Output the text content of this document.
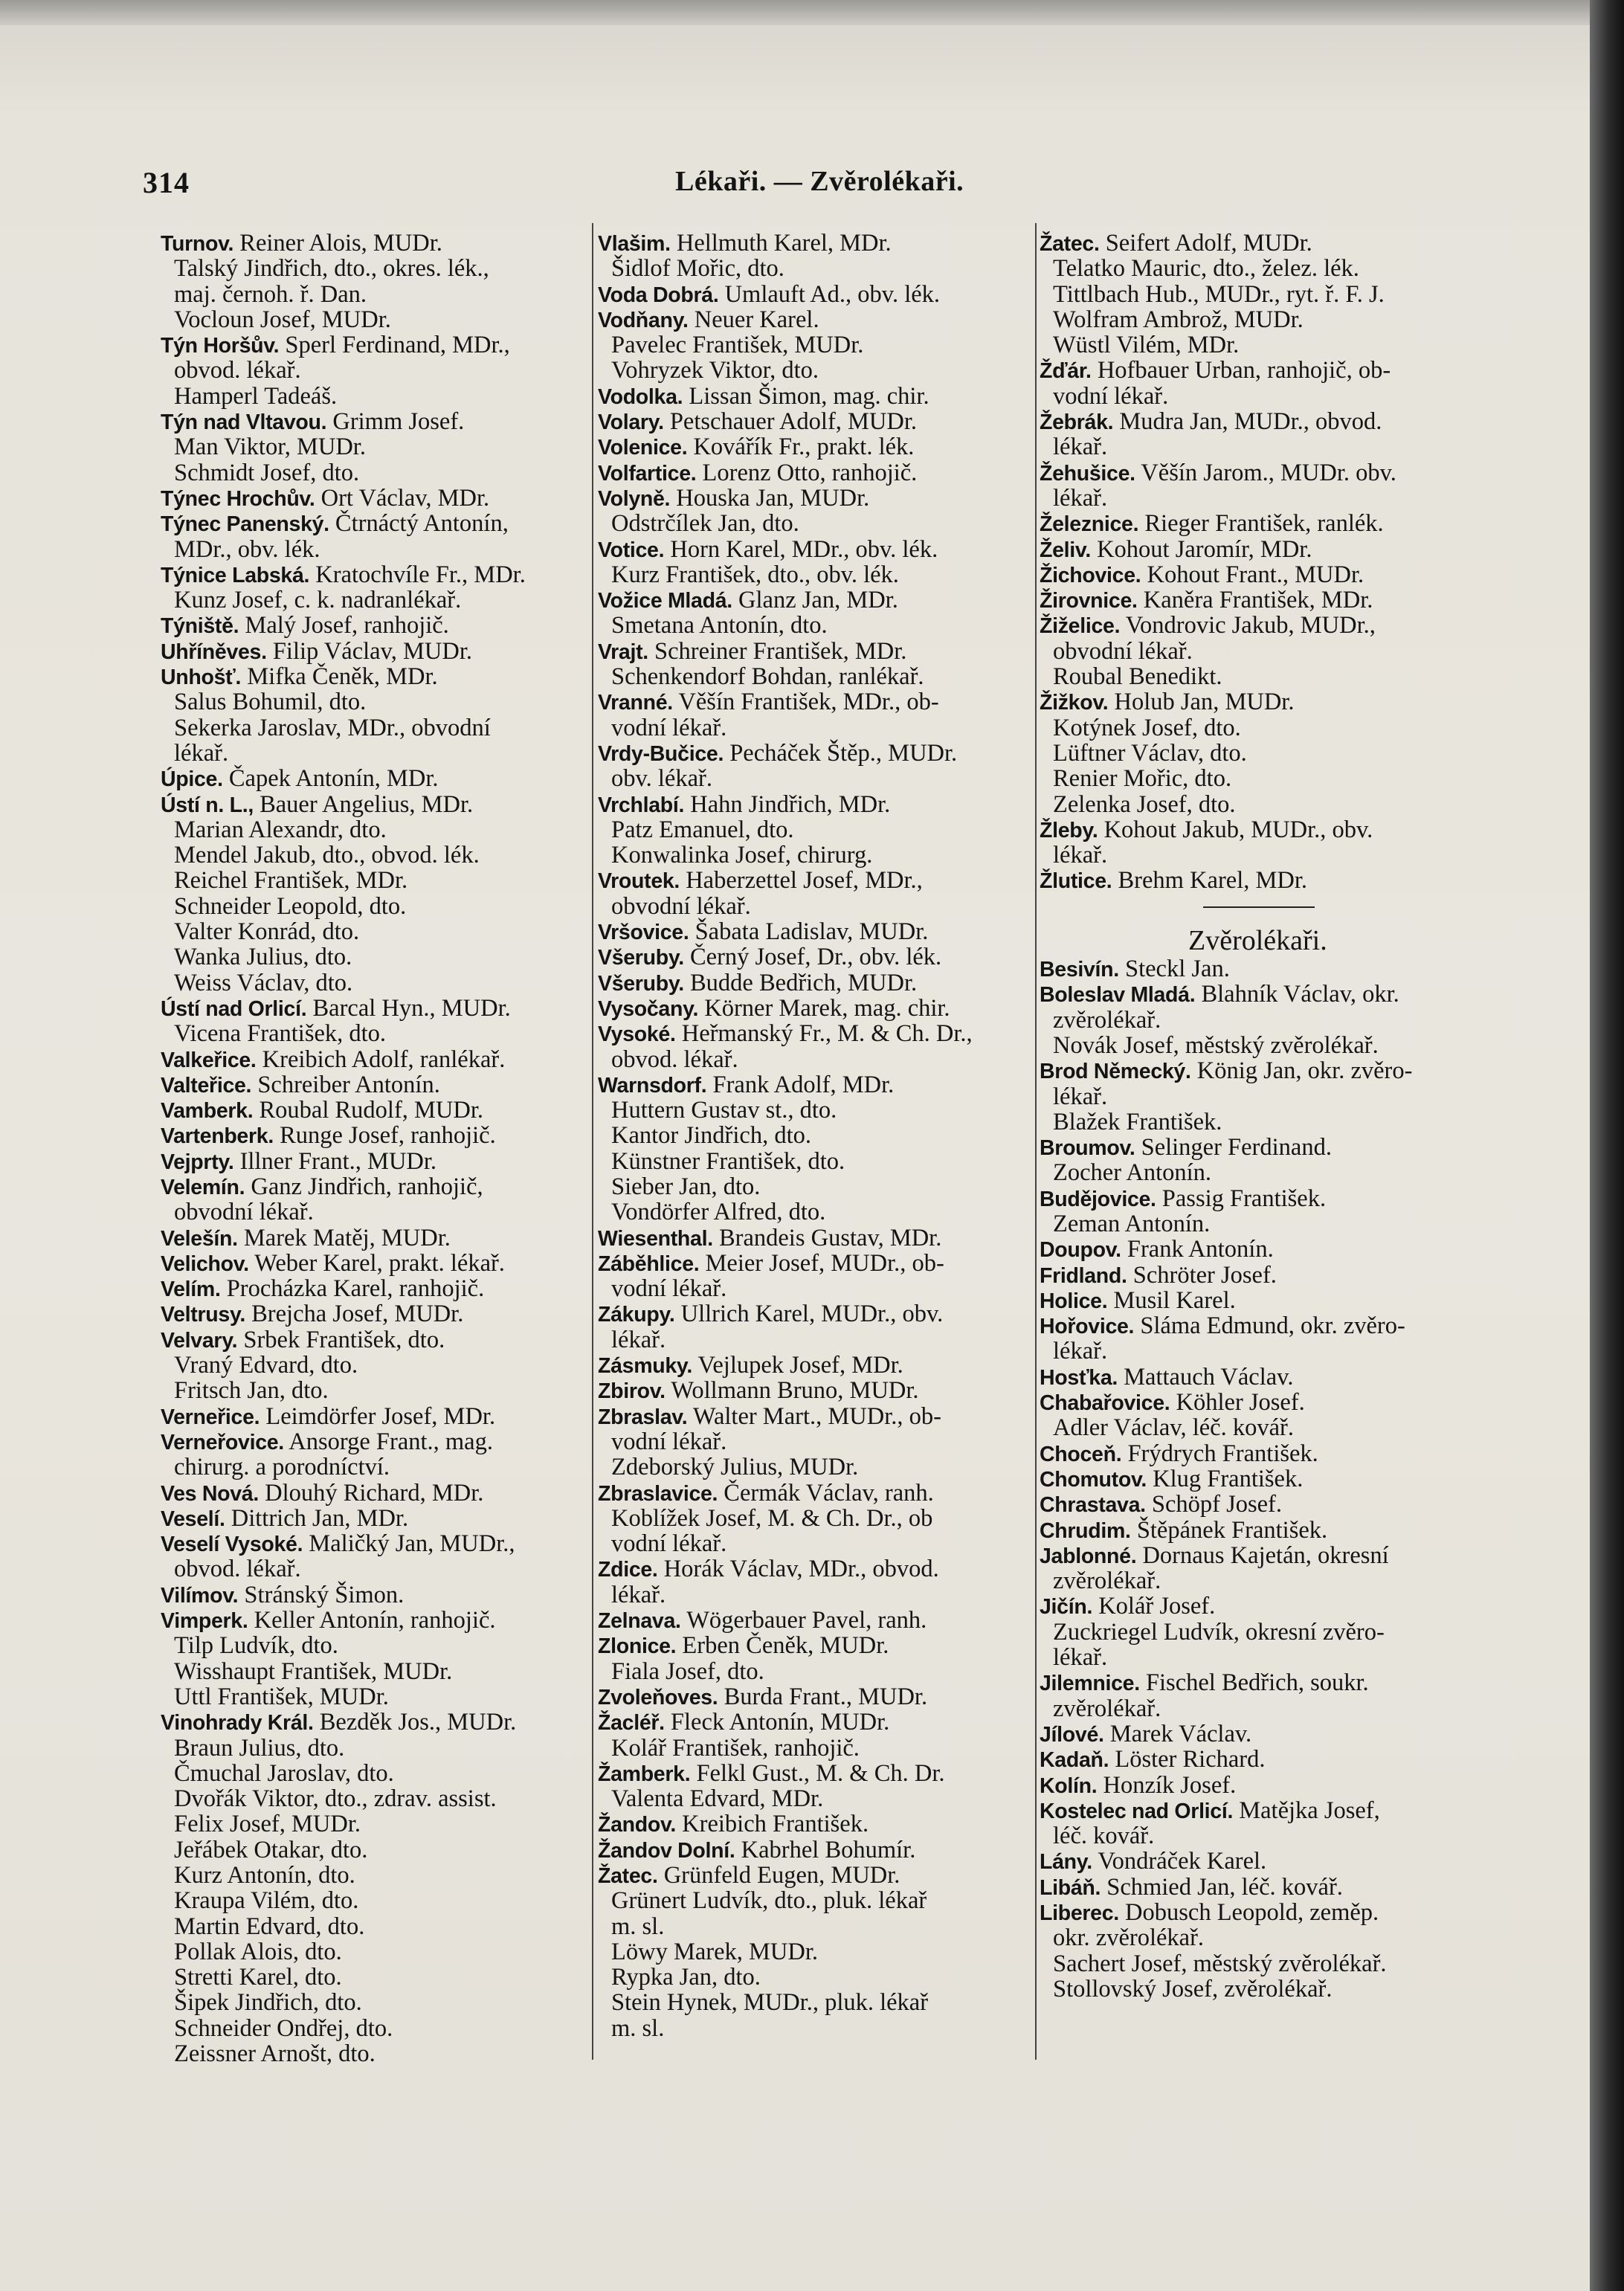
314	Lékaři. — Zvěrolékaři.
Turnov. Reiner Alois, MUDr.
Talský Jindřich, dto., okres. lék.,
maj. černoh. ř. Dan.
Vocloun Josef, MUDr.
Týn Horšův. Sperl Ferdinand, MDr.,
obvod. lékař.
Hamperl Tadeáš.
Týn nad Vltavou. Grimm Josef.
Man Viktor, MUDr.
Schmidt Josef, dto.
Týnec Hrochův. Ort Václav, MDr.
Týnec Panenský. Čtrnáctý Antonín,
MDr., obv. lék.
Týnice Labská. Kratochvíle Fr., MDr.
Kunz Josef, c. k. nadranlékař.
Týniště. Malý Josef, ranhojič.
Uhříněves. Filip Václav, MUDr.
Unhošť. Mifka Čeněk, MDr.
Salus Bohumil, dto.
Sekerka Jaroslav, MDr., obvodní
lékař.
Úpice. Čapek Antonín, MDr.
Ústí n. L., Bauer Angelius, MDr.
Marian Alexandr, dto.
Mendel Jakub, dto., obvod. lék.
Reichel František, MDr.
Schneider Leopold, dto.
Valter Konrád, dto.
Wanka Julius, dto.
Weiss Václav, dto.
Ústí nad Orlicí. Barcal Hyn., MUDr.
Vicena František, dto.
Valkeřice. Kreibich Adolf, ranlékař.
Valteřice. Schreiber Antonín.
Vamberk. Roubal Rudolf, MUDr.
Vartenberk. Runge Josef, ranhojič.
Vejprty. Illner Frant., MUDr.
Velemín. Ganz Jindřich, ranhojič,
obvodní lékař.
Velešín. Marek Matěj, MUDr.
Velichov. Weber Karel, prakt. lékař.
Velím. Procházka Karel, ranhojič.
Veltrusy. Brejcha Josef, MUDr.
Velvary. Srbek František, dto.
Vraný Edvard, dto.
Fritsch Jan, dto.
Verneřice. Leimdörfer Josef, MDr.
Verneřovice. Ansorge Frant., mag.
chirurg. a porodníctví.
Ves Nová. Dlouhý Richard, MDr.
Veselí. Dittrich Jan, MDr.
Veselí Vysoké. Maličký Jan, MUDr.,
obvod. lékař.
Vilímov. Stránský Šimon.
Vimperk. Keller Antonín, ranhojič.
Tilp Ludvík, dto.
Wisshaupt František, MUDr.
Uttl František, MUDr.
Vinohrady Král. Bezděk Jos., MUDr.
Braun Julius, dto.
Čmuchal Jaroslav, dto.
Dvořák Viktor, dto., zdrav. assist.
Felix Josef, MUDr.
Jeřábek Otakar, dto.
Kurz Antonín, dto.
Kraupa Vilém, dto.
Martin Edvard, dto.
Pollak Alois, dto.
Stretti Karel, dto.
Šipek Jindřich, dto.
Schneider Ondřej, dto.
Zeissner Arnošt, dto.
Vlašim. Hellmuth Karel, MDr.
Šidlof Mořic, dto.
Voda Dobrá. Umlauft Ad., obv. lék.
Vodňany. Neuer Karel.
Pavelec František, MUDr.
Vohryzek Viktor, dto.
Vodolka. Lissan Šimon, mag. chir.
Volary. Petschauer Adolf, MUDr.
Volenice. Kovářík Fr., prakt. lék.
Volfartice. Lorenz Otto, ranhojič.
Volyně. Houska Jan, MUDr.
Odstrčílek Jan, dto.
Votice. Horn Karel, MDr., obv. lék.
Kurz František, dto., obv. lék.
Vožice Mladá. Glanz Jan, MDr.
Smetana Antonín, dto.
Vrajt. Schreiner František, MDr.
Schenkendorf Bohdan, ranlékař.
Vranné. Věšín František, MDr., ob-
vodní lékař.
Vrdy-Bučice. Pecháček Štěp., MUDr.
obv. lékař.
Vrchlabí. Hahn Jindřich, MDr.
Patz Emanuel, dto.
Konwalinka Josef, chirurg.
Vroutek. Haberzettel Josef, MDr.,
obvodní lékař.
Vršovice. Šabata Ladislav, MUDr.
Všeruby. Černý Josef, Dr., obv. lék.
Všeruby. Budde Bedřich, MUDr.
Vysočany. Körner Marek, mag. chir.
Vysoké. Heřmanský Fr., M. & Ch. Dr.,
obvod. lékař.
Warnsdorf. Frank Adolf, MDr.
Huttern Gustav st., dto.
Kantor Jindřich, dto.
Künstner František, dto.
Sieber Jan, dto.
Vondörfer Alfred, dto.
Wiesenthal. Brandeis Gustav, MDr.
Záběhlice. Meier Josef, MUDr., ob-
vodní lékař.
Zákupy. Ullrich Karel, MUDr., obv.
lékař.
Zásmuky. Vejlupek Josef, MDr.
Zbirov. Wollmann Bruno, MUDr.
Zbraslav. Walter Mart., MUDr., ob-
vodní lékař.
Zdeborský Julius, MUDr.
Zbraslavice. Čermák Václav, ranh.
Koblížek Josef, M. & Ch. Dr., ob
vodní lékař.
Zdice. Horák Václav, MDr., obvod.
lékař.
Zelnava. Wögerbauer Pavel, ranh.
Zlonice. Erben Čeněk, MUDr.
Fiala Josef, dto.
Zvoleňoves. Burda Frant., MUDr.
Žacléř. Fleck Antonín, MUDr.
Kolář František, ranhojič.
Žamberk. Felkl Gust., M. & Ch. Dr.
Valenta Edvard, MDr.
Žandov. Kreibich František.
Žandov Dolní. Kabrhel Bohumír.
Žatec. Grünfeld Eugen, MUDr.
Grünert Ludvík, dto., pluk. lékař
m. sl.
Löwy Marek, MUDr.
Rypka Jan, dto.
Stein Hynek, MUDr., pluk. lékař
m. sl.
Žatec. Seifert Adolf, MUDr.
Telatko Mauric, dto., želez. lék.
Tittlbach Hub., MUDr., ryt. ř. F. J.
Wolfram Ambrož, MUDr.
Wüstl Vilém, MDr.
Žďár. Hofbauer Urban, ranhojič, ob-
vodní lékař.
Žebrák. Mudra Jan, MUDr., obvod.
lékař.
Žehušice. Věšín Jarom., MUDr. obv.
lékař.
Železnice. Rieger František, ranlék.
Želiv. Kohout Jaromír, MDr.
Žichovice. Kohout Frant., MUDr.
Žirovnice. Kaněra František, MDr.
Žiželice. Vondrovic Jakub, MUDr.,
obvodní lékař.
Roubal Benedikt.
Žižkov. Holub Jan, MUDr.
Kotýnek Josef, dto.
Lüftner Václav, dto.
Renier Mořic, dto.
Zelenka Josef, dto.
Žleby. Kohout Jakub, MUDr., obv.
lékař.
Žlutice. Brehm Karel, MDr.
Zvěrolékaři.
Besivín. Steckl Jan.
Boleslav Mladá. Blahník Václav, okr.
zvěrolékař.
Novák Josef, městský zvěrolékař.
Brod Německý. König Jan, okr. zvěro-
lékař.
Blažek František.
Broumov. Selinger Ferdinand.
Zocher Antonín.
Budějovice. Passig František.
Zeman Antonín.
Doupov. Frank Antonín.
Fridland. Schröter Josef.
Holice. Musil Karel.
Hořovice. Sláma Edmund, okr. zvěro-
lékař.
Hosťka. Mattauch Václav.
Chabařovice. Köhler Josef.
Adler Václav, léč. kovář.
Choceň. Frýdrych František.
Chomutov. Klug František.
Chrastava. Schöpf Josef.
Chrudim. Štěpánek František.
Jablonné. Dornaus Kajetán, okresní
zvěrolékař.
Jičín. Kolář Josef.
Zuckriegel Ludvík, okresní zvěro-
lékař.
Jilemnice. Fischel Bedřich, soukr.
zvěrolékař.
Jílové. Marek Václav.
Kadaň. Löster Richard.
Kolín. Honzík Josef.
Kostelec nad Orlicí. Matějka Josef,
léč. kovář.
Lány. Vondráček Karel.
Libáň. Schmied Jan, léč. kovář.
Liberec. Dobusch Leopold, zeměp.
okr. zvěrolékař.
Sachert Josef, městský zvěrolékař.
Stollovský Josef, zvěrolékař.
